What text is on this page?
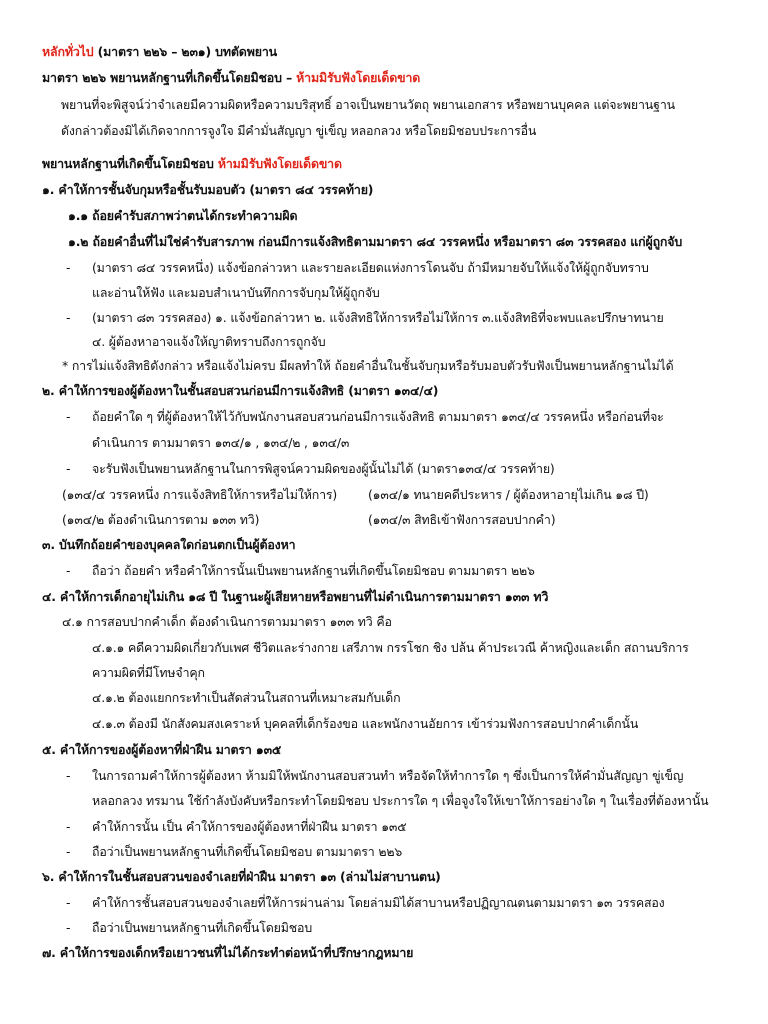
หลักทั่วไป (มาตรา ๒๒๖ – ๒๓๑) บทตัดพยาน
มาตรา ๒๒๖ พยานหลักฐานที่เกิดขึ้นโดยมิชอบ – ห้ามมิรับฟังโดยเด็ดขาด
พยานที่จะพิสูจน์ว่าจำเลยมีความผิดหรือความบริสุทธิ์ อาจเป็นพยานวัตถุ พยานเอกสาร หรือพยานบุคคล แต่จะพยานฐาน
ดังกล่าวต้องมิได้เกิดจากการจูงใจ มีคำมั่นสัญญา ขู่เข็ญ หลอกลวง หรือโดยมิชอบประการอื่น
พยานหลักฐานที่เกิดขึ้นโดยมิชอบ ห้ามมิรับฟังโดยเด็ดขาด
๑. คำให้การชั้นจับกุมหรือชั้นรับมอบตัว (มาตรา ๘๔ วรรคท้าย)
๑.๑ ถ้อยคำรับสภาพว่าตนได้กระทำความผิด
๑.๒ ถ้อยคำอื่นที่ไม่ใช่คำรับสารภาพ ก่อนมีการแจ้งสิทธิตามมาตรา ๘๔ วรรคหนึ่ง หรือมาตรา ๘๓ วรรคสอง แก่ผู้ถูกจับ
- (มาตรา ๘๔ วรรคหนึ่ง) แจ้งข้อกล่าวหา และรายละเอียดแห่งการโดนจับ ถ้ามีหมายจับให้แจ้งให้ผู้ถูกจับทราบ
และอ่านให้ฟัง และมอบสำเนาบันทึกการจับกุมให้ผู้ถูกจับ
- (มาตรา ๘๓ วรรคสอง) ๑. แจ้งข้อกล่าวหา ๒. แจ้งสิทธิให้การหรือไม่ให้การ ๓.แจ้งสิทธิที่จะพบและปรึกษาทนาย
๔. ผู้ต้องหาอาจแจ้งให้ญาติทราบถึงการถูกจับ
* การไม่แจ้งสิทธิดังกล่าว หรือแจ้งไม่ครบ มีผลทำให้ ถ้อยคำอื่นในชั้นจับกุมหรือรับมอบตัวรับฟังเป็นพยานหลักฐานไม่ได้
๒. คำให้การของผู้ต้องหาในชั้นสอบสวนก่อนมีการแจ้งสิทธิ (มาตรา ๑๓๔/๔)
- ถ้อยคำใด ๆ ที่ผู้ต้องหาให้ไว้กับพนักงานสอบสวนก่อนมีการแจ้งสิทธิ ตามมาตรา ๑๓๔/๔ วรรคหนึ่ง หรือก่อนที่จะ
ดำเนินการ ตามมาตรา ๑๓๔/๑ , ๑๓๔/๒ , ๑๓๔/๓
- จะรับฟังเป็นพยานหลักฐานในการพิสูจน์ความผิดของผู้นั้นไม่ได้ (มาตรา๑๓๔/๔ วรรคท้าย)
(๑๓๔/๔ วรรคหนึ่ง การแจ้งสิทธิให้การหรือไม่ให้การ) (๑๓๔/๑ ทนายคดีประหาร / ผู้ต้องหาอายุไม่เกิน ๑๘ ปี)
(๑๓๔/๒ ต้องดำเนินการตาม ๑๓๓ ทวิ)	(๑๓๔/๓ สิทธิเข้าฟังการสอบปากคำ)
๓. บันทึกถ้อยคำของบุคคลใดก่อนตกเป็นผู้ต้องหา
- ถือว่า ถ้อยคำ หรือคำให้การนั้นเป็นพยานหลักฐานที่เกิดขึ้นโดยมิชอบ ตามมาตรา ๒๒๖
๔. คำให้การเด็กอายุไม่เกิน ๑๘ ปี ในฐานะผู้เสียหายหรือพยานที่ไม่ดำเนินการตามมาตรา ๑๓๓ ทวิ
๔.๑ การสอบปากคำเด็ก ต้องดำเนินการตามมาตรา ๑๓๓ ทวิ คือ
๔.๑.๑ คดีความผิดเกี่ยวกับเพศ ชีวิตและร่างกาย เสรีภาพ กรรโชก ชิง ปล้น ค้าประเวณี ค้าหญิงและเด็ก สถานบริการ
ความผิดที่มีโทษจำคุก
๔.๑.๒ ต้องแยกกระทำเป็นสัดส่วนในสถานที่เหมาะสมกับเด็ก
๔.๑.๓ ต้องมี นักสังคมสงเคราะห์ บุคคลที่เด็กร้องขอ และพนักงานอัยการ เข้าร่วมฟังการสอบปากคำเด็กนั้น
๕. คำให้การของผู้ต้องหาที่ฝ่าฝืน มาตรา ๑๓๕
- ในการถามคำให้การผู้ต้องหา ห้ามมิให้พนักงานสอบสวนทำ หรือจัดให้ทำการใด ๆ ซึ่งเป็นการให้คำมั่นสัญญา ขู่เข็ญ
หลอกลวง ทรมาน ใช้กำลังบังคับหรือกระทำโดยมิชอบ ประการใด ๆ เพื่อจูงใจให้เขาให้การอย่างใด ๆ ในเรื่องที่ต้องหานั้น
- คำให้การนั้น เป็น คำให้การของผู้ต้องหาที่ฝ่าฝืน มาตรา ๑๓๕
- ถือว่าเป็นพยานหลักฐานที่เกิดขึ้นโดยมิชอบ ตามมาตรา ๒๒๖
๖. คำให้การในชั้นสอบสวนของจำเลยที่ฝ่าฝืน มาตรา ๑๓ (ล่ามไม่สาบานตน)
- คำให้การชั้นสอบสวนของจำเลยที่ให้การผ่านล่าม โดยล่ามมิได้สาบานหรือปฏิญาณตนตามมาตรา ๑๓ วรรคสอง
- ถือว่าเป็นพยานหลักฐานที่เกิดขึ้นโดยมิชอบ
๗. คำให้การของเด็กหรือเยาวชนที่ไม่ได้กระทำต่อหน้าที่ปรึกษากฎหมาย
